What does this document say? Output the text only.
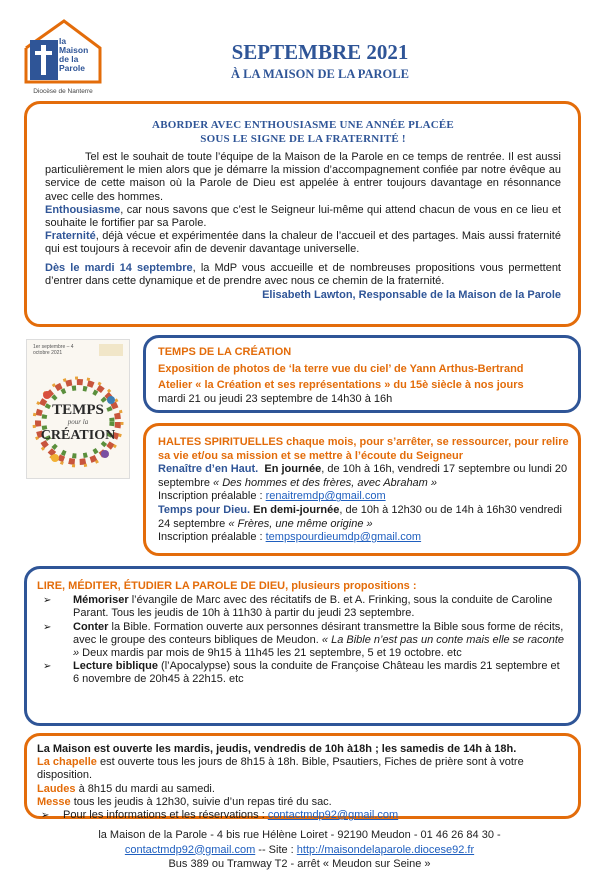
la
Maison
de la
Parole
Diocèse de Nanterre
SEPTEMBRE 2021
À LA MAISON DE LA PAROLE
ABORDER AVEC ENTHOUSIASME UNE ANNÉE PLACÉE
SOUS LE SIGNE DE LA FRATERNITÉ !

Tel est le souhait de toute l’équipe de la Maison de la Parole en ce temps de rentrée. Il est aussi particulièrement le mien alors que je démarre la mission d’accompagnement confiée par notre évêque au service de cette maison où la Parole de Dieu est appelée à entrer toujours davantage en résonnance avec celle des hommes.

Enthousiasme, car nous savons que c’est le Seigneur lui-même qui attend chacun de vous en ce lieu et souhaite le fortifier par sa Parole.

Fraternité, déjà vécue et expérimentée dans la chaleur de l’accueil et des partages. Mais aussi fraternité qui est toujours à recevoir afin de devenir davantage universelle.

Dès le mardi 14 septembre, la MdP vous accueille et de nombreuses propositions vous permettent d’entrer dans cette dynamique et de prendre avec nous ce chemin de la fraternité.

Elisabeth Lawton, Responsable de la Maison de la Parole

1er septembre – 4 octobre 2021
TEMPS
pour la
CRÉATION
TEMPS DE LA CRÉATION
Exposition de photos de ‘la terre vue du ciel’ de Yann Arthus-Bertrand
Atelier « la Création et ses représentations » du 15è siècle à nos jours
mardi 21 ou jeudi 23 septembre de 14h30 à 16h
HALTES SPIRITUELLES chaque mois, pour s’arrêter, se ressourcer, pour relire sa vie et/ou sa mission et se mettre à l’écoute du Seigneur
Renaître d’en Haut. En journée, de 10h à 16h, vendredi 17 septembre ou lundi 20 septembre « Des hommes et des frères, avec Abraham »
Inscription préalable : renaitremdp@gmail.com
Temps pour Dieu. En demi-journée, de 10h à 12h30 ou de 14h à 16h30 vendredi 24 septembre « Frères, une même origine »
Inscription préalable : tempspourdieumdp@gmail.com
LIRE, MÉDITER, ÉTUDIER LA PAROLE DE DIEU, plusieurs propositions :
➢ Mémoriser l’évangile de Marc avec des récitatifs de B. et A. Frinking, sous la conduite de Caroline Parant. Tous les jeudis de 10h à 11h30 à partir du jeudi 23 septembre.
➢ Conter la Bible. Formation ouverte aux personnes désirant transmettre la Bible sous forme de récits, avec le groupe des conteurs bibliques de Meudon. « La Bible n’est pas un conte mais elle se raconte » Deux mardis par mois de 9h15 à 11h45 les 21 septembre, 5 et 19 octobre. etc
➢ Lecture biblique (l’Apocalypse) sous la conduite de Françoise Château les mardis 21 septembre et 6 novembre de 20h45 à 22h15. etc
La Maison est ouverte les mardis, jeudis, vendredis de 10h à18h ; les samedis de 14h à 18h.
La chapelle est ouverte tous les jours de 8h15 à 18h. Bible, Psautiers, Fiches de prière sont à votre disposition.
Laudes à 8h15 du mardi au samedi.
Messe tous les jeudis à 12h30, suivie d’un repas tiré du sac.
➢ Pour les informations et les réservations : contactmdp92@gmail.com
la Maison de la Parole - 4 bis rue Hélène Loiret - 92190 Meudon - 01 46 26 84 30 -
contactmdp92@gmail.com -- Site : http://maisondelaparole.diocese92.fr
Bus 389 ou Tramway T2 - arrêt « Meudon sur Seine »
